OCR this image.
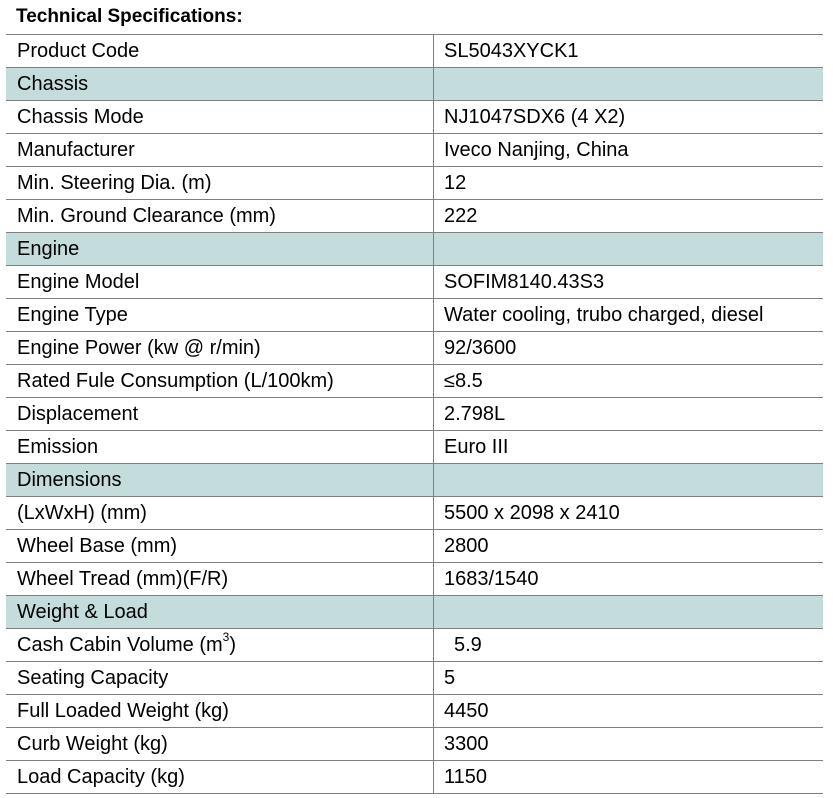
Technical Specifications:
Product Code	SL5043XYCK1
Chassis	
Chassis Mode	NJ1047SDX6 (4 X2)
Manufacturer	Iveco Nanjing, China
Min. Steering Dia. (m)	12
Min. Ground Clearance (mm)	222
Engine	
Engine Model	SOFIM8140.43S3
Engine Type	Water cooling, trubo charged, diesel
Engine Power (kw @ r/min)	92/3600
Rated Fule Consumption (L/100km)	≤8.5
Displacement	2.798L
Emission	Euro III
Dimensions	
(LxWxH) (mm)	5500 x 2098 x 2410
Wheel Base (mm)	2800
Wheel Tread (mm)(F/R)	1683/1540
Weight & Load	
Cash Cabin Volume $(m^3)$	5.9
Seating Capacity	5
Full Loaded Weight (kg)	4450
Curb Weight (kg)	3300
Load Capacity (kg)	1150
